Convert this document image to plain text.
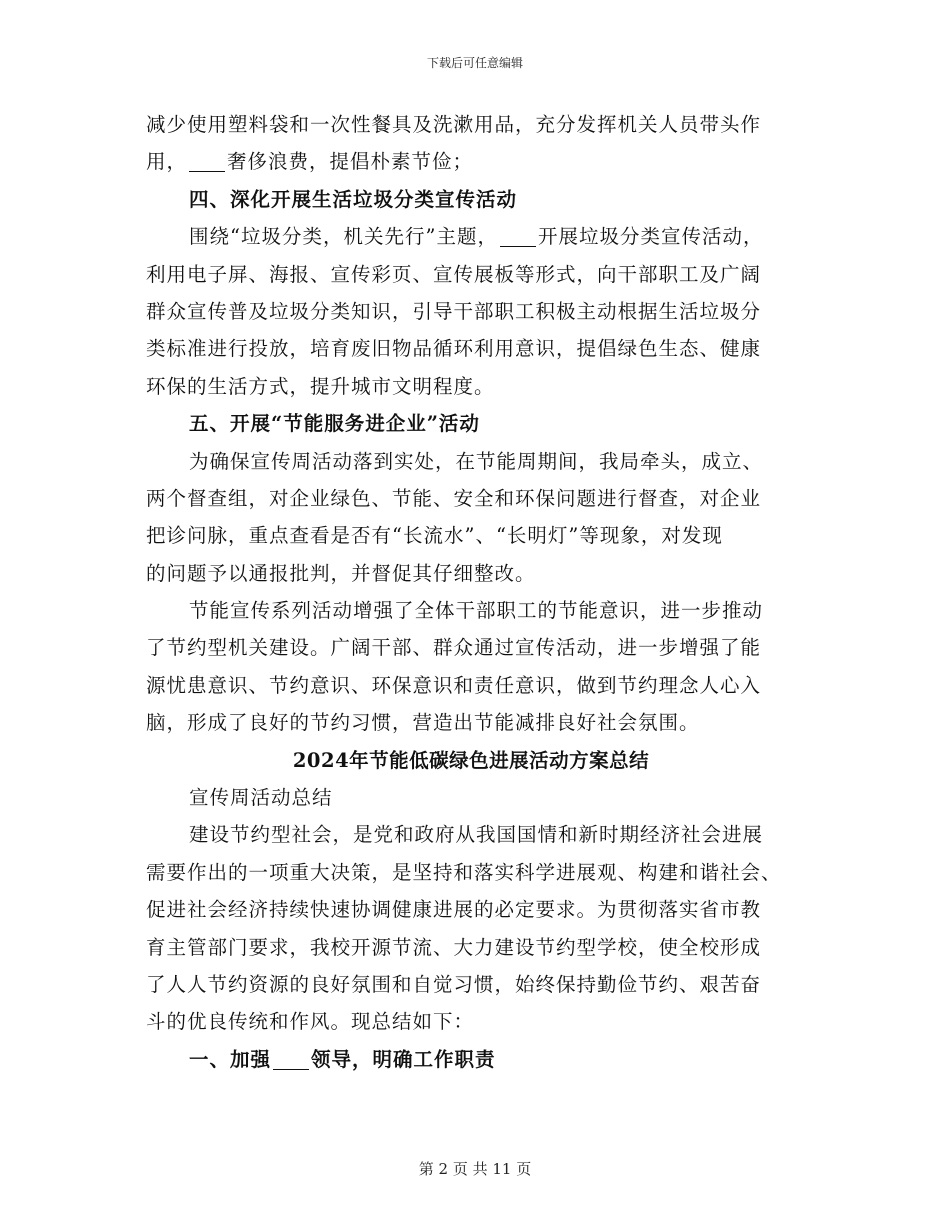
下载后可任意编辑
减少使用塑料袋和一次性餐具及洗漱用品，充分发挥机关人员带头作
用， 奢侈浪费，提倡朴素节俭；
四、深化开展生活垃圾分类宣传活动
围绕“垃圾分类，机关先行”主题， 开展垃圾分类宣传活动，
利用电子屏、海报、宣传彩页、宣传展板等形式，向干部职工及广阔
群众宣传普及垃圾分类知识，引导干部职工积极主动根据生活垃圾分
类标准进行投放，培育废旧物品循环利用意识，提倡绿色生态、健康
环保的生活方式，提升城市文明程度。
五、开展“节能服务进企业”活动
为确保宣传周活动落到实处，在节能周期间，我局牵头，成立、
两个督查组，对企业绿色、节能、安全和环保问题进行督查，对企业
把诊问脉，重点查看是否有“长流水”、“长明灯”等现象，对发现
的问题予以通报批判，并督促其仔细整改。
节能宣传系列活动增强了全体干部职工的节能意识，进一步推动
了节约型机关建设。广阔干部、群众通过宣传活动，进一步增强了能
源忧患意识、节约意识、环保意识和责任意识，做到节约理念人心入
脑，形成了良好的节约习惯，营造出节能减排良好社会氛围。
2024年节能低碳绿色进展活动方案总结
宣传周活动总结
建设节约型社会，是党和政府从我国国情和新时期经济社会进展
需要作出的一项重大决策，是坚持和落实科学进展观、构建和谐社会、
促进社会经济持续快速协调健康进展的必定要求。为贯彻落实省市教
育主管部门要求，我校开源节流、大力建设节约型学校，使全校形成
了人人节约资源的良好氛围和自觉习惯，始终保持勤俭节约、艰苦奋
斗的优良传统和作风。现总结如下：
一、加强 领导，明确工作职责
第 2 页 共 11 页
